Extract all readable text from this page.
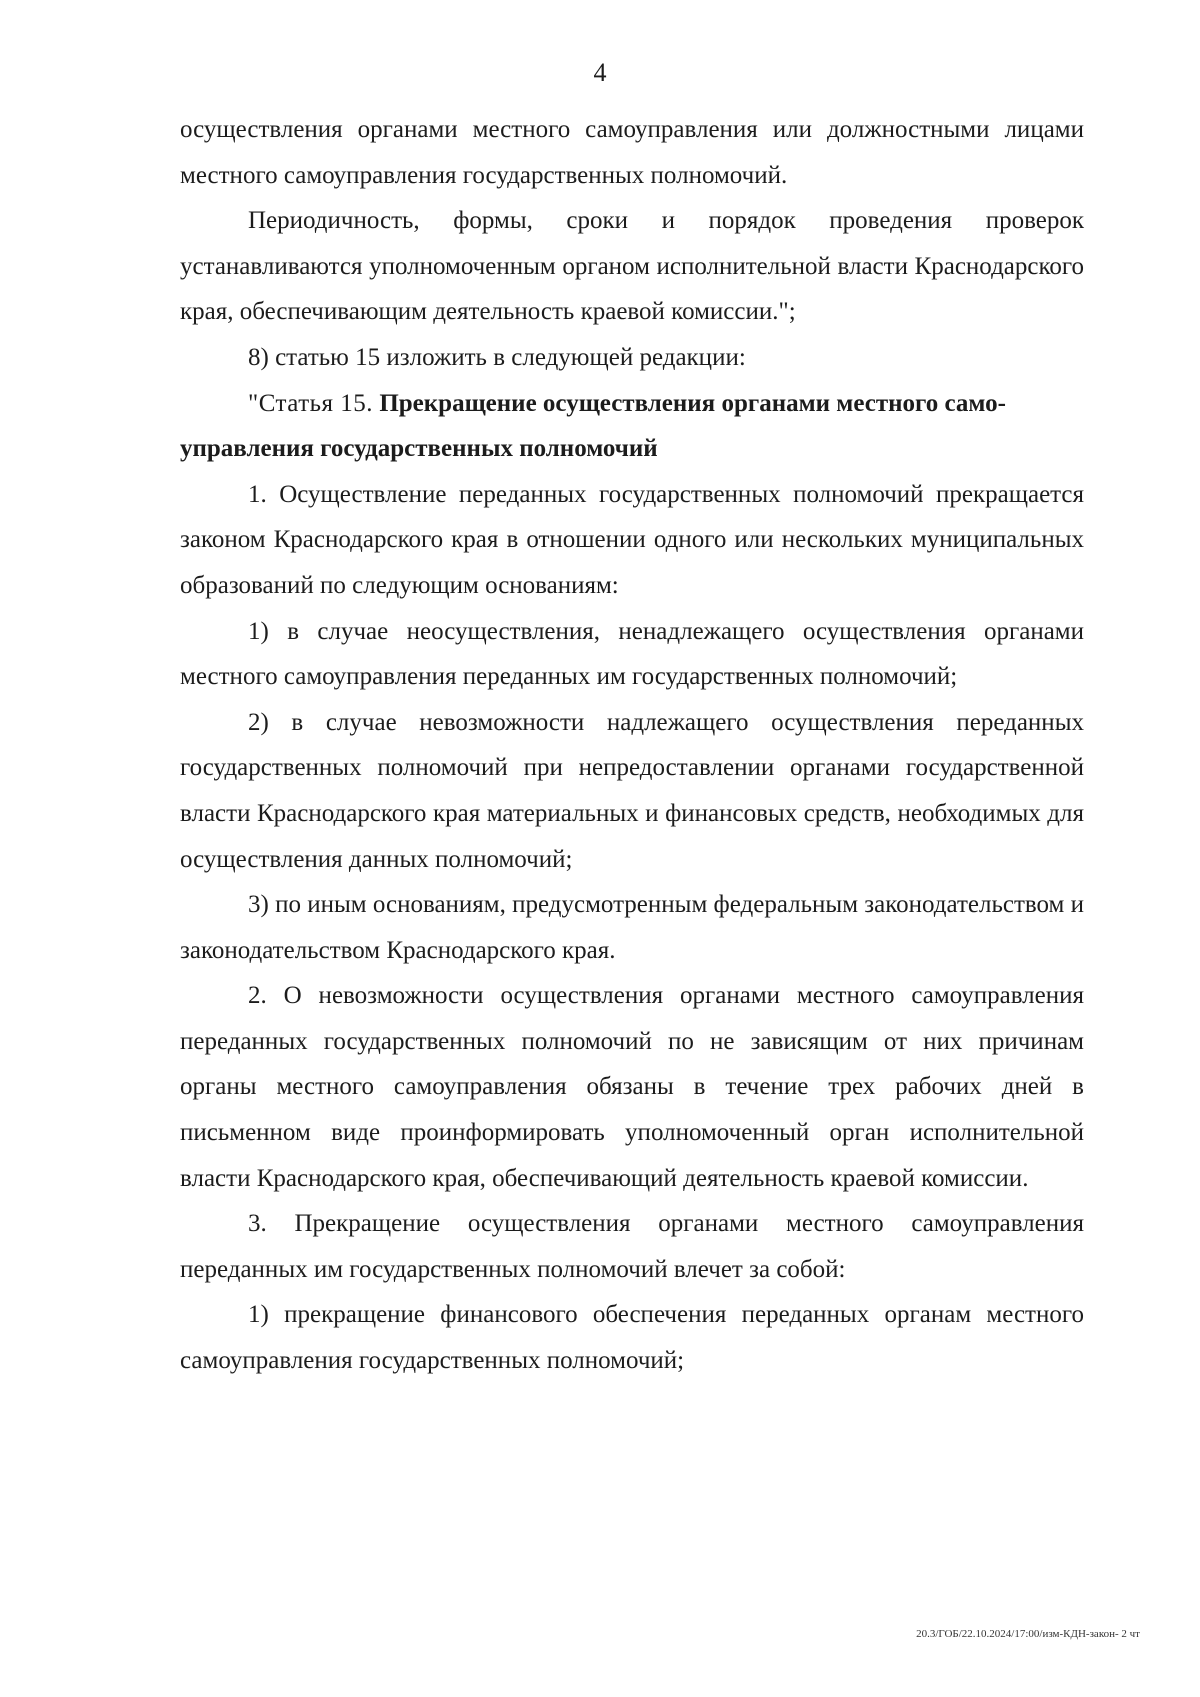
4

осуществления органами местного самоуправления или должностными лицами местного самоуправления государственных полномочий.

Периодичность, формы, сроки и порядок проведения проверок устанавливаются уполномоченным органом исполнительной власти Краснодарского края, обеспечивающим деятельность краевой комиссии.";

8) статью 15 изложить в следующей редакции:

"Статья 15. Прекращение осуществления органами местного само-

управления государственных полномочий

1. Осуществление переданных государственных полномочий прекращается законом Краснодарского края в отношении одного или нескольких муниципальных образований по следующим основаниям:

1) в случае неосуществления, ненадлежащего осуществления органами местного самоуправления переданных им государственных полномочий;

2) в случае невозможности надлежащего осуществления переданных государственных полномочий при непредоставлении органами государственной власти Краснодарского края материальных и финансовых средств, необходимых для осуществления данных полномочий;

3) по иным основаниям, предусмотренным федеральным законодательством и законодательством Краснодарского края.

2. О невозможности осуществления органами местного самоуправления переданных государственных полномочий по не зависящим от них причинам органы местного самоуправления обязаны в течение трех рабочих дней в письменном виде проинформировать уполномоченный орган исполнительной власти Краснодарского края, обеспечивающий деятельность краевой комиссии.

3. Прекращение осуществления органами местного самоуправления переданных им государственных полномочий влечет за собой:

1) прекращение финансового обеспечения переданных органам местного самоуправления государственных полномочий;

20.3/ГОБ/22.10.2024/17:00/изм-КДН-закон- 2 чт
